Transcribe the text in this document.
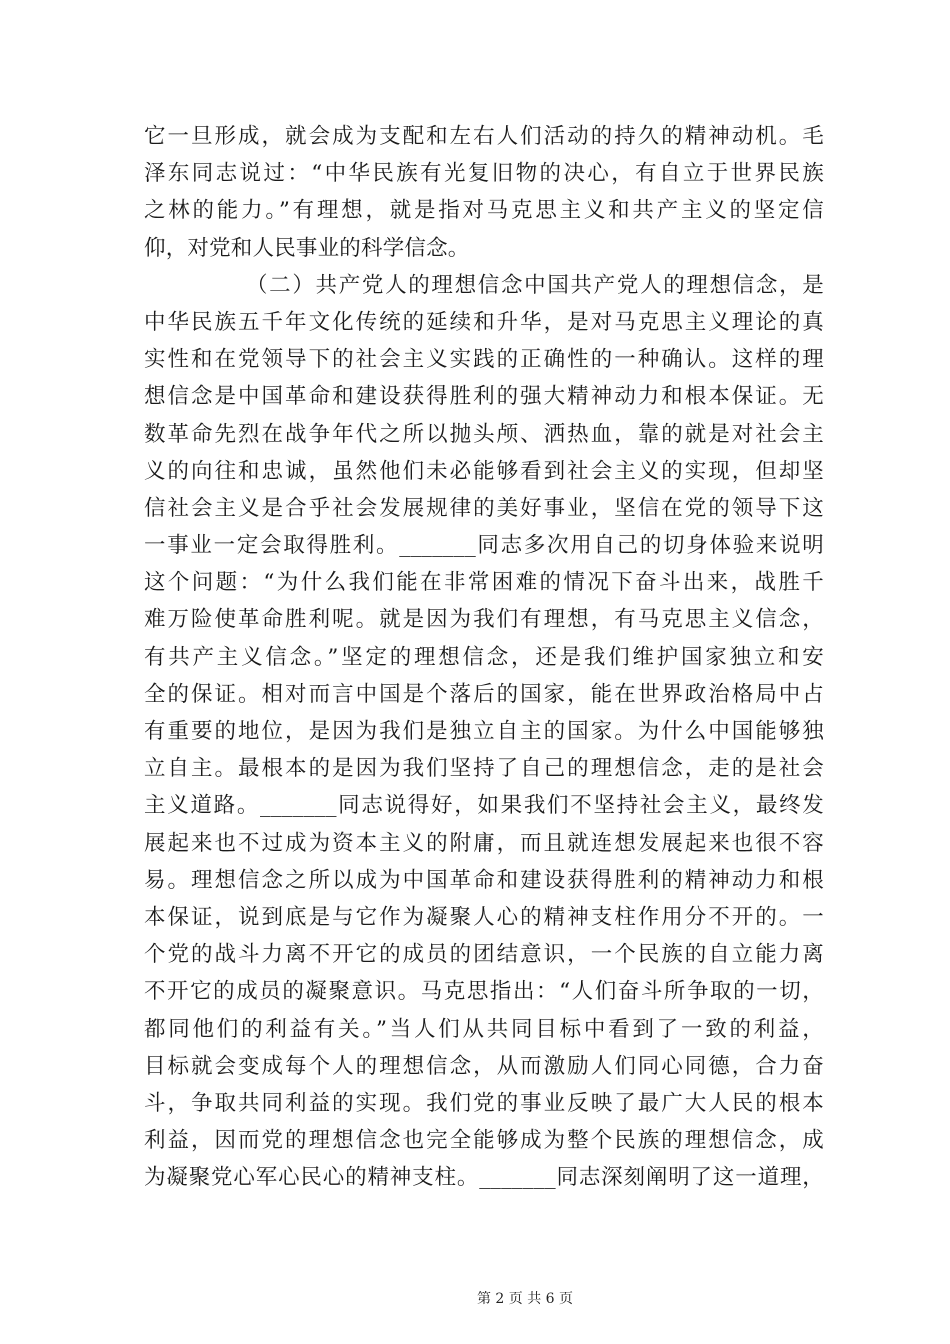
它一旦形成，就会成为支配和左右人们活动的持久的精神动机。毛
泽东同志说过：“中华民族有光复旧物的决心，有自立于世界民族
之林的能力。”有理想，就是指对马克思主义和共产主义的坚定信
仰，对党和人民事业的科学信念。
（二）共产党人的理想信念中国共产党人的理想信念，是
中华民族五千年文化传统的延续和升华，是对马克思主义理论的真
实性和在党领导下的社会主义实践的正确性的一种确认。这样的理
想信念是中国革命和建设获得胜利的强大精神动力和根本保证。无
数革命先烈在战争年代之所以抛头颅、洒热血，靠的就是对社会主
义的向往和忠诚，虽然他们未必能够看到社会主义的实现，但却坚
信社会主义是合乎社会发展规律的美好事业，坚信在党的领导下这
一事业一定会取得胜利。_______同志多次用自己的切身体验来说明
这个问题：“为什么我们能在非常困难的情况下奋斗出来，战胜千
难万险使革命胜利呢。就是因为我们有理想，有马克思主义信念，
有共产主义信念。”坚定的理想信念，还是我们维护国家独立和安
全的保证。相对而言中国是个落后的国家，能在世界政治格局中占
有重要的地位，是因为我们是独立自主的国家。为什么中国能够独
立自主。最根本的是因为我们坚持了自己的理想信念，走的是社会
主义道路。_______同志说得好，如果我们不坚持社会主义，最终发
展起来也不过成为资本主义的附庸，而且就连想发展起来也很不容
易。理想信念之所以成为中国革命和建设获得胜利的精神动力和根
本保证，说到底是与它作为凝聚人心的精神支柱作用分不开的。一
个党的战斗力离不开它的成员的团结意识，一个民族的自立能力离
不开它的成员的凝聚意识。马克思指出：“人们奋斗所争取的一切，
都同他们的利益有关。”当人们从共同目标中看到了一致的利益，
目标就会变成每个人的理想信念，从而激励人们同心同德，合力奋
斗，争取共同利益的实现。我们党的事业反映了最广大人民的根本
利益，因而党的理想信念也完全能够成为整个民族的理想信念，成
为凝聚党心军心民心的精神支柱。_______同志深刻阐明了这一道理，
第 2 页 共 6 页
